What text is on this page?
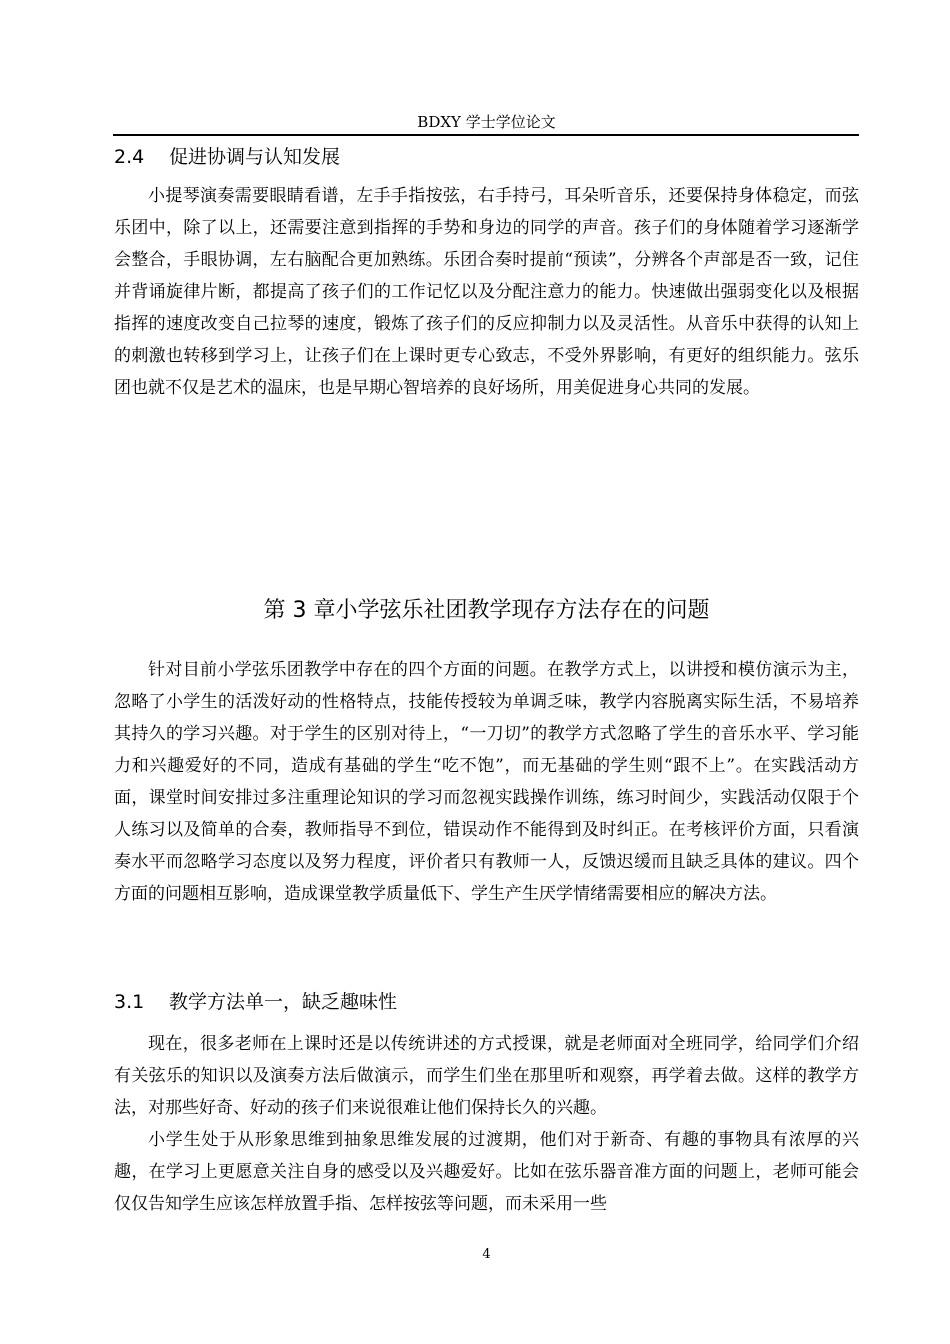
BDXY 学士学位论文
2.4 促进协调与认知发展

小提琴演奏需要眼睛看谱，左手手指按弦，右手持弓，耳朵听音乐，还要保持身体稳定，而弦乐团中，除了以上，还需要注意到指挥的手势和身边的同学的声音。孩子们的身体随着学习逐渐学会整合，手眼协调，左右脑配合更加熟练。乐团合奏时提前“预读”，分辨各个声部是否一致，记住并背诵旋律片断，都提高了孩子们的工作记忆以及分配注意力的能力。快速做出强弱变化以及根据指挥的速度改变自己拉琴的速度，锻炼了孩子们的反应抑制力以及灵活性。从音乐中获得的认知上的刺激也转移到学习上，让孩子们在上课时更专心致志，不受外界影响，有更好的组织能力。弦乐团也就不仅是艺术的温床，也是早期心智培养的良好场所，用美促进身心共同的发展。

第 3 章小学弦乐社团教学现存方法存在的问题

针对目前小学弦乐团教学中存在的四个方面的问题。在教学方式上，以讲授和模仿演示为主，忽略了小学生的活泼好动的性格特点，技能传授较为单调乏味，教学内容脱离实际生活，不易培养其持久的学习兴趣。对于学生的区别对待上，“一刀切”的教学方式忽略了学生的音乐水平、学习能力和兴趣爱好的不同，造成有基础的学生“吃不饱”，而无基础的学生则“跟不上”。在实践活动方面，课堂时间安排过多注重理论知识的学习而忽视实践操作训练，练习时间少，实践活动仅限于个人练习以及简单的合奏，教师指导不到位，错误动作不能得到及时纠正。在考核评价方面，只看演奏水平而忽略学习态度以及努力程度，评价者只有教师一人，反馈迟缓而且缺乏具体的建议。四个方面的问题相互影响，造成课堂教学质量低下、学生产生厌学情绪需要相应的解决方法。

3.1 教学方法单一，缺乏趣味性

现在，很多老师在上课时还是以传统讲述的方式授课，就是老师面对全班同学，给同学们介绍有关弦乐的知识以及演奏方法后做演示，而学生们坐在那里听和观察，再学着去做。这样的教学方法，对那些好奇、好动的孩子们来说很难让他们保持长久的兴趣。

小学生处于从形象思维到抽象思维发展的过渡期，他们对于新奇、有趣的事物具有浓厚的兴趣，在学习上更愿意关注自身的感受以及兴趣爱好。比如在弦乐器音准方面的问题上，老师可能会仅仅告知学生应该怎样放置手指、怎样按弦等问题，而未采用一些

4
